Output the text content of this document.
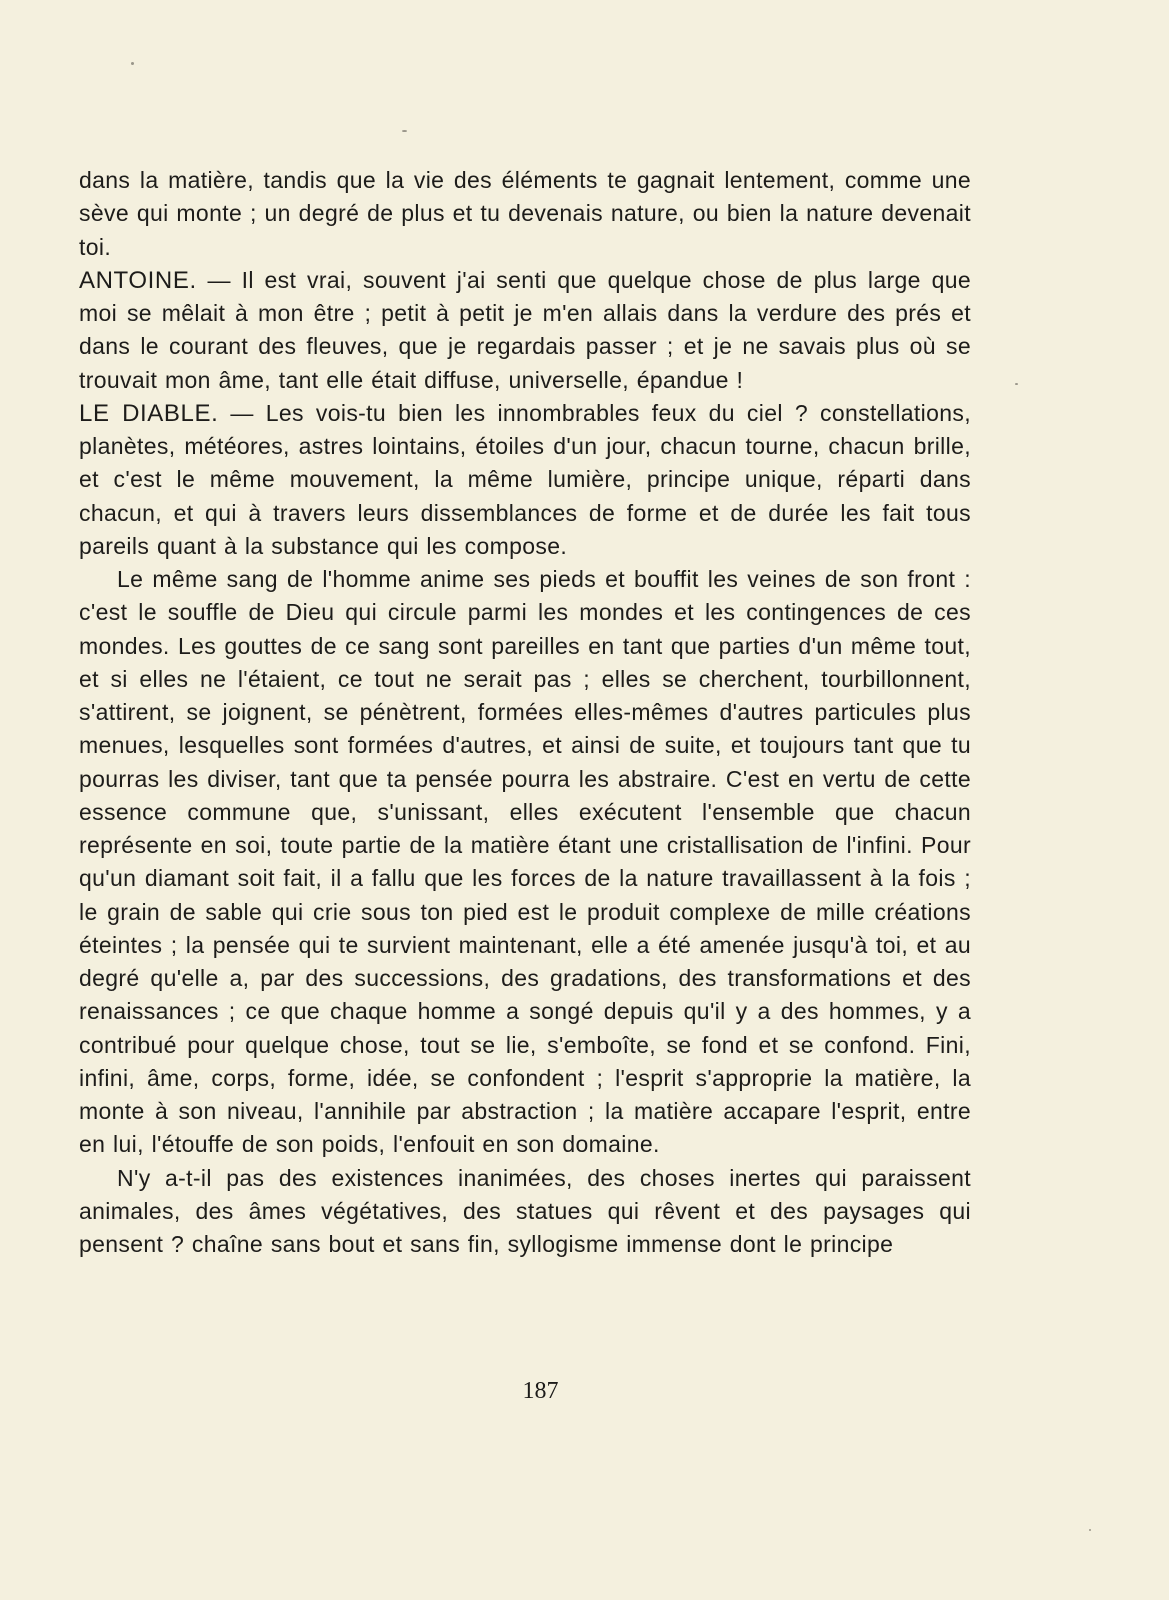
dans la matière, tandis que la vie des éléments te gagnait lentement, comme une sève qui monte ; un degré de plus et tu devenais nature, ou bien la nature devenait toi.

ANTOINE. — Il est vrai, souvent j'ai senti que quelque chose de plus large que moi se mêlait à mon être ; petit à petit je m'en allais dans la verdure des prés et dans le courant des fleuves, que je regardais passer ; et je ne savais plus où se trouvait mon âme, tant elle était diffuse, universelle, épandue !

LE DIABLE. — Les vois-tu bien les innombrables feux du ciel ? constellations, planètes, météores, astres lointains, étoiles d'un jour, chacun tourne, chacun brille, et c'est le même mouvement, la même lumière, principe unique, réparti dans chacun, et qui à travers leurs dissemblances de forme et de durée les fait tous pareils quant à la substance qui les compose.

Le même sang de l'homme anime ses pieds et bouffit les veines de son front : c'est le souffle de Dieu qui circule parmi les mondes et les contingences de ces mondes. Les gouttes de ce sang sont pareilles en tant que parties d'un même tout, et si elles ne l'étaient, ce tout ne serait pas ; elles se cherchent, tourbillonnent, s'attirent, se joignent, se pénètrent, formées elles-mêmes d'autres particules plus menues, lesquelles sont formées d'autres, et ainsi de suite, et toujours tant que tu pourras les diviser, tant que ta pensée pourra les abstraire. C'est en vertu de cette essence commune que, s'unissant, elles exécutent l'ensemble que chacun représente en soi, toute partie de la matière étant une cristallisation de l'infini. Pour qu'un diamant soit fait, il a fallu que les forces de la nature travaillassent à la fois ; le grain de sable qui crie sous ton pied est le produit complexe de mille créations éteintes ; la pensée qui te survient maintenant, elle a été amenée jusqu'à toi, et au degré qu'elle a, par des successions, des gradations, des transformations et des renaissances ; ce que chaque homme a songé depuis qu'il y a des hommes, y a contribué pour quelque chose, tout se lie, s'emboîte, se fond et se confond. Fini, infini, âme, corps, forme, idée, se confondent ; l'esprit s'approprie la matière, la monte à son niveau, l'annihile par abstraction ; la matière accapare l'esprit, entre en lui, l'étouffe de son poids, l'enfouit en son domaine.

N'y a-t-il pas des existences inanimées, des choses inertes qui paraissent animales, des âmes végétatives, des statues qui rêvent et des paysages qui pensent ? chaîne sans bout et sans fin, syllogisme immense dont le principe

187
